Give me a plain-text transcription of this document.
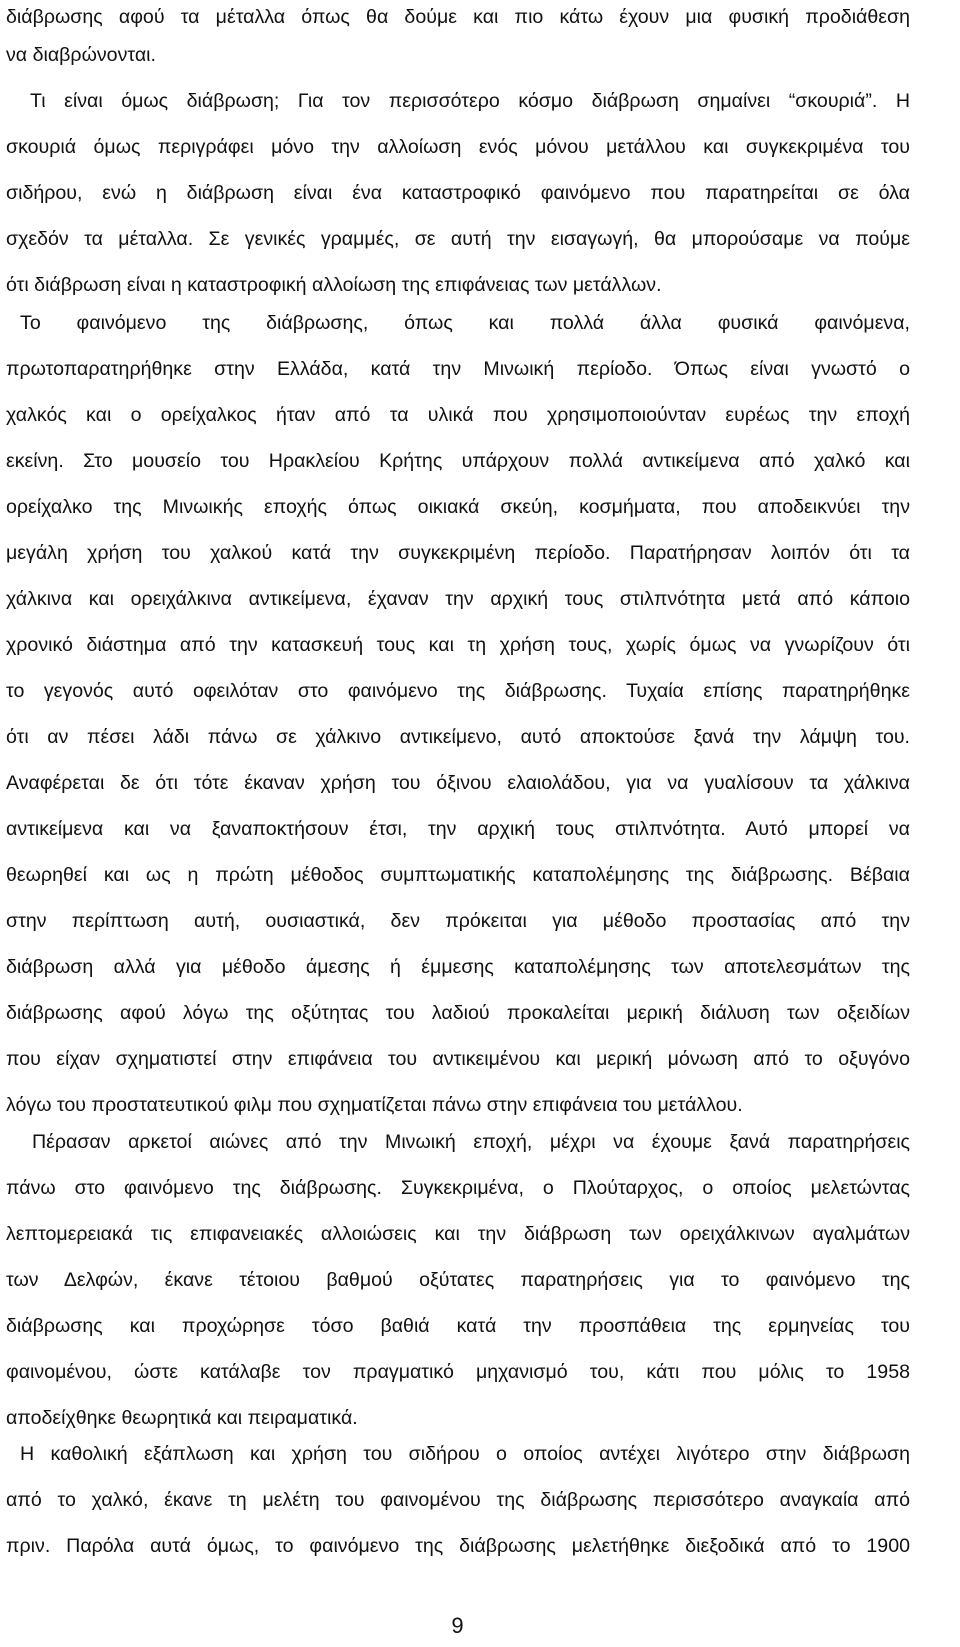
διάβρωσης αφού τα μέταλλα όπως θα δούμε και πιο κάτω έχουν μια φυσική προδιάθεση
να διαβρώνονται.
Τι είναι όμως διάβρωση; Για τον περισσότερο κόσμο διάβρωση σημαίνει “σκουριά”. Η
σκουριά όμως περιγράφει μόνο την αλλοίωση ενός μόνου μετάλλου και συγκεκριμένα του
σιδήρου, ενώ η διάβρωση είναι ένα καταστροφικό φαινόμενο που παρατηρείται σε όλα
σχεδόν τα μέταλλα. Σε γενικές γραμμές, σε αυτή την εισαγωγή, θα μπορούσαμε να πούμε
ότι διάβρωση είναι η καταστροφική αλλοίωση της επιφάνειας των μετάλλων.
Το φαινόμενο της διάβρωσης, όπως και πολλά άλλα φυσικά φαινόμενα,
πρωτοπαρατηρήθηκε στην Ελλάδα, κατά την Μινωική περίοδο. Όπως είναι γνωστό ο
χαλκός και ο ορείχαλκος ήταν από τα υλικά που χρησιμοποιούνταν ευρέως την εποχή
εκείνη. Στο μουσείο του Ηρακλείου Κρήτης υπάρχουν πολλά αντικείμενα από χαλκό και
ορείχαλκο της Μινωικής εποχής όπως οικιακά σκεύη, κοσμήματα, που αποδεικνύει την
μεγάλη χρήση του χαλκού κατά την συγκεκριμένη περίοδο. Παρατήρησαν λοιπόν ότι τα
χάλκινα και ορειχάλκινα αντικείμενα, έχαναν την αρχική τους στιλπνότητα μετά από κάποιο
χρονικό διάστημα από την κατασκευή τους και τη χρήση τους, χωρίς όμως να γνωρίζουν ότι
το γεγονός αυτό οφειλόταν στο φαινόμενο της διάβρωσης. Τυχαία επίσης παρατηρήθηκε
ότι αν πέσει λάδι πάνω σε χάλκινο αντικείμενο, αυτό αποκτούσε ξανά την λάμψη του.
Αναφέρεται δε ότι τότε έκαναν χρήση του όξινου ελαιολάδου, για να γυαλίσουν τα χάλκινα
αντικείμενα και να ξαναποκτήσουν έτσι, την αρχική τους στιλπνότητα. Αυτό μπορεί να
θεωρηθεί και ως η πρώτη μέθοδος συμπτωματικής καταπολέμησης της διάβρωσης. Βέβαια
στην περίπτωση αυτή, ουσιαστικά, δεν πρόκειται για μέθοδο προστασίας από την
διάβρωση αλλά για μέθοδο άμεσης ή έμμεσης καταπολέμησης των αποτελεσμάτων της
διάβρωσης αφού λόγω της οξύτητας του λαδιού προκαλείται μερική διάλυση των οξειδίων
που είχαν σχηματιστεί στην επιφάνεια του αντικειμένου και μερική μόνωση από το οξυγόνο
λόγω του προστατευτικού φιλμ που σχηματίζεται πάνω στην επιφάνεια του μετάλλου.
Πέρασαν αρκετοί αιώνες από την Μινωική εποχή, μέχρι να έχουμε ξανά παρατηρήσεις
πάνω στο φαινόμενο της διάβρωσης. Συγκεκριμένα, ο Πλούταρχος, ο οποίος μελετώντας
λεπτομερειακά τις επιφανειακές αλλοιώσεις και την διάβρωση των ορειχάλκινων αγαλμάτων
των Δελφών, έκανε τέτοιου βαθμού οξύτατες παρατηρήσεις για το φαινόμενο της
διάβρωσης και προχώρησε τόσο βαθιά κατά την προσπάθεια της ερμηνείας του
φαινομένου, ώστε κατάλαβε τον πραγματικό μηχανισμό του, κάτι που μόλις το 1958
αποδείχθηκε θεωρητικά και πειραματικά.
Η καθολική εξάπλωση και χρήση του σιδήρου ο οποίος αντέχει λιγότερο στην διάβρωση
από το χαλκό, έκανε τη μελέτη του φαινομένου της διάβρωσης περισσότερο αναγκαία από
πριν. Παρόλα αυτά όμως, το φαινόμενο της διάβρωσης μελετήθηκε διεξοδικά από το 1900
9
